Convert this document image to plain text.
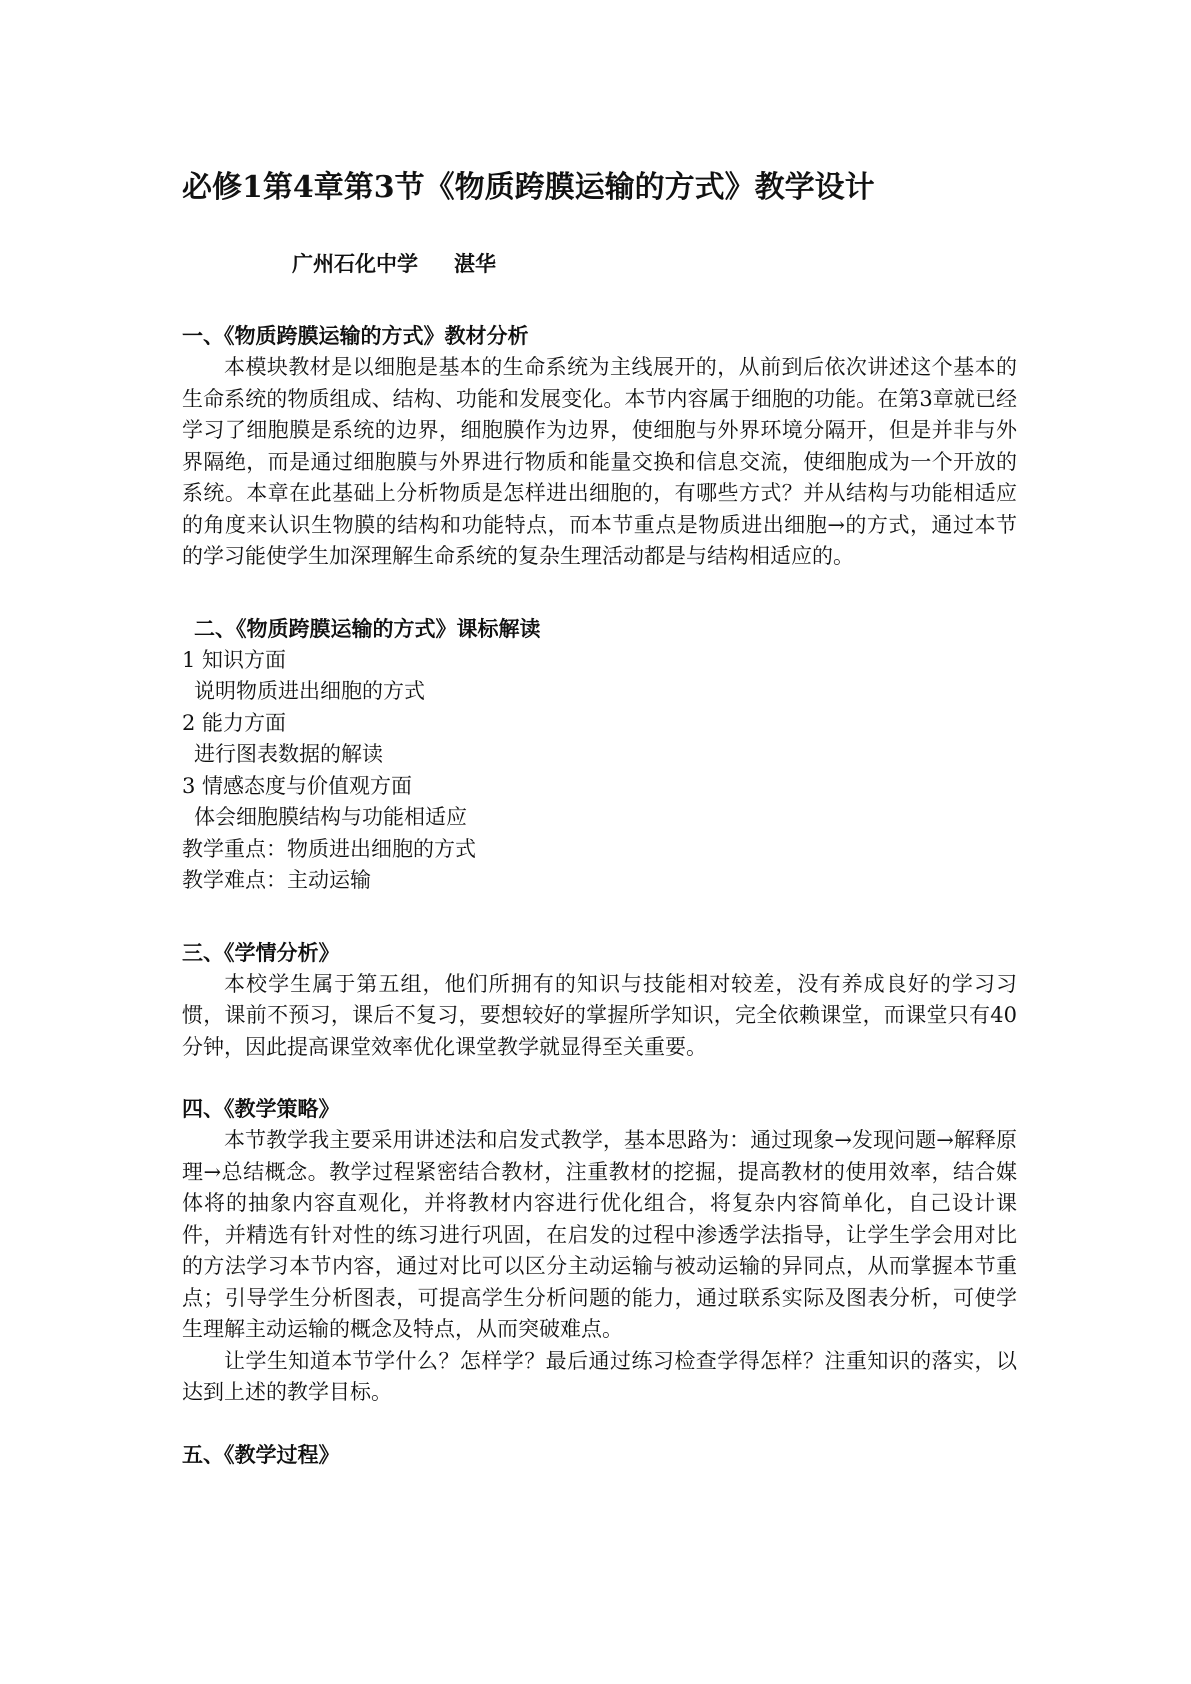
必修1第4章第3节《物质跨膜运输的方式》教学设计
广州石化中学 湛华
一、《物质跨膜运输的方式》教材分析

本模块教材是以细胞是基本的生命系统为主线展开的，从前到后依次讲述这个基本的生命系统的物质组成、结构、功能和发展变化。本节内容属于细胞的功能。在第3章就已经学习了细胞膜是系统的边界，细胞膜作为边界，使细胞与外界环境分隔开，但是并非与外界隔绝，而是通过细胞膜与外界进行物质和能量交换和信息交流，使细胞成为一个开放的系统。本章在此基础上分析物质是怎样进出细胞的，有哪些方式？并从结构与功能相适应的角度来认识生物膜的结构和功能特点，而本节重点是物质进出细胞→的方式，通过本节的学习能使学生加深理解生命系统的复杂生理活动都是与结构相适应的。

二、《物质跨膜运输的方式》课标解读
1 知识方面
说明物质进出细胞的方式
2 能力方面
进行图表数据的解读
3 情感态度与价值观方面
体会细胞膜结构与功能相适应
教学重点：物质进出细胞的方式
教学难点：主动运输
三、《学情分析》

本校学生属于第五组，他们所拥有的知识与技能相对较差，没有养成良好的学习习惯，课前不预习，课后不复习，要想较好的掌握所学知识，完全依赖课堂，而课堂只有40分钟，因此提高课堂效率优化课堂教学就显得至关重要。

四、《教学策略》

本节教学我主要采用讲述法和启发式教学，基本思路为：通过现象→发现问题→解释原理→总结概念。教学过程紧密结合教材，注重教材的挖掘，提高教材的使用效率，结合媒体将的抽象内容直观化，并将教材内容进行优化组合，将复杂内容简单化，自己设计课件，并精选有针对性的练习进行巩固，在启发的过程中渗透学法指导，让学生学会用对比的方法学习本节内容，通过对比可以区分主动运输与被动运输的异同点，从而掌握本节重点；引导学生分析图表，可提高学生分析问题的能力，通过联系实际及图表分析，可使学生理解主动运输的概念及特点，从而突破难点。

让学生知道本节学什么？怎样学？最后通过练习检查学得怎样？注重知识的落实，以达到上述的教学目标。

五、《教学过程》
